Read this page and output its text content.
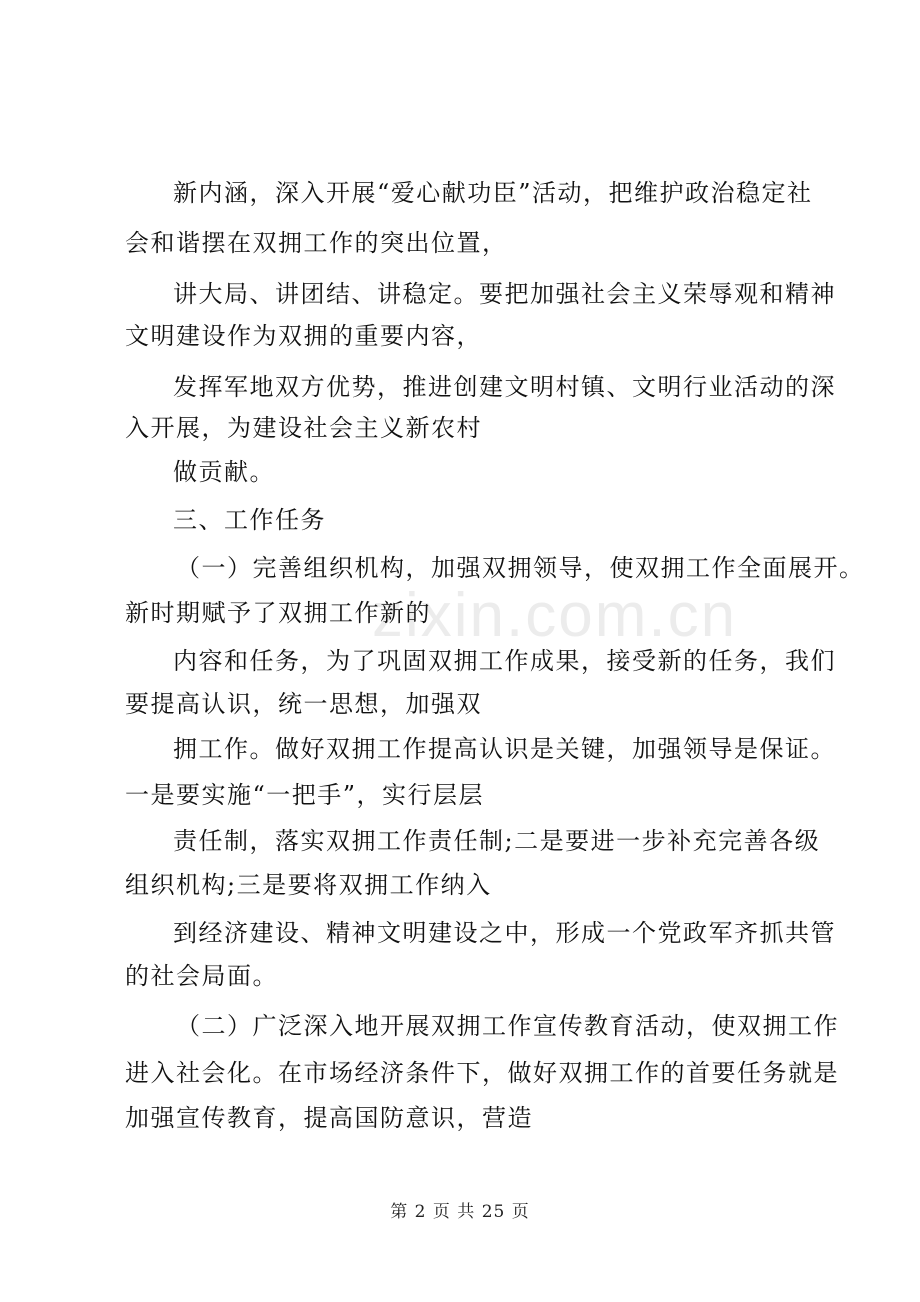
zixin.com.cn
新内涵，深入开展“爱心献功臣”活动，把维护政治稳定社
会和谐摆在双拥工作的突出位置，
讲大局、讲团结、讲稳定。要把加强社会主义荣辱观和精神
文明建设作为双拥的重要内容，
发挥军地双方优势，推进创建文明村镇、文明行业活动的深
入开展，为建设社会主义新农村
做贡献。
三、工作任务
（一）完善组织机构，加强双拥领导，使双拥工作全面展开。
新时期赋予了双拥工作新的
内容和任务，为了巩固双拥工作成果，接受新的任务，我们
要提高认识，统一思想，加强双
拥工作。做好双拥工作提高认识是关键，加强领导是保证。
一是要实施“一把手”，实行层层
责任制，落实双拥工作责任制;二是要进一步补充完善各级
组织机构;三是要将双拥工作纳入
到经济建设、精神文明建设之中，形成一个党政军齐抓共管
的社会局面。
（二）广泛深入地开展双拥工作宣传教育活动，使双拥工作
进入社会化。在市场经济条件下，做好双拥工作的首要任务就是
加强宣传教育，提高国防意识，营造
第 2 页 共 25 页
